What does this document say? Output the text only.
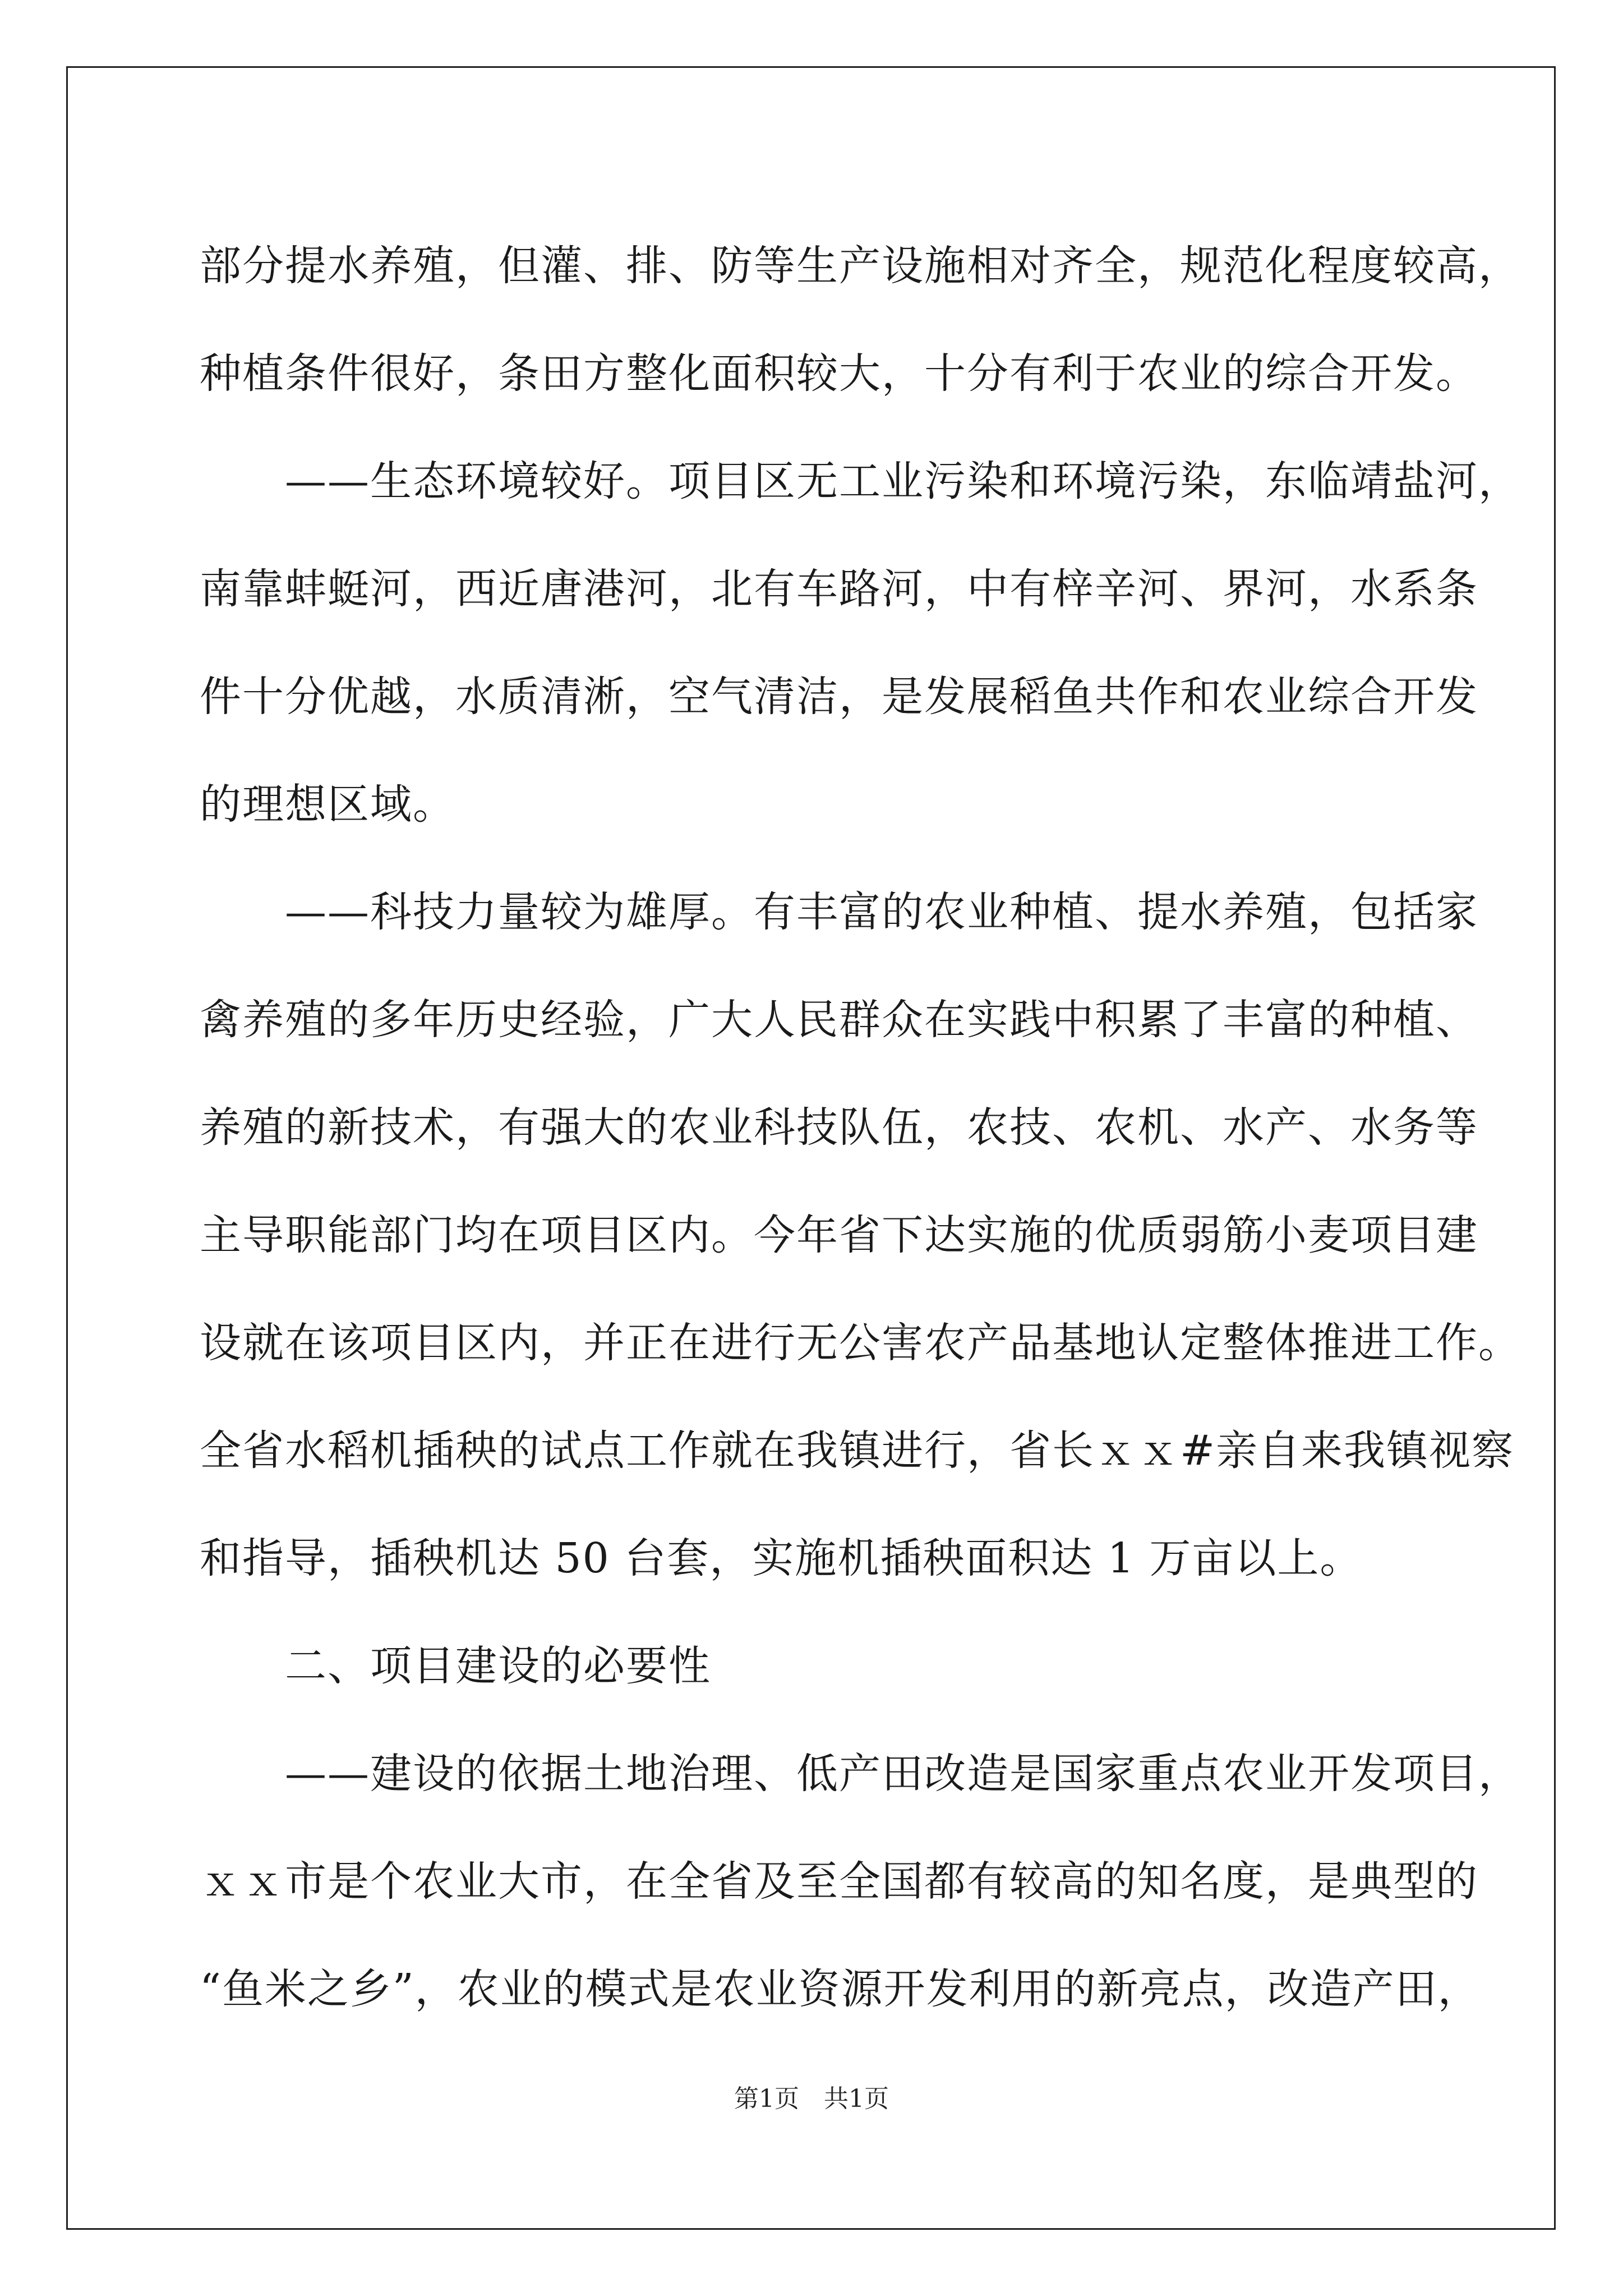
部分提水养殖，但灌、排、防等生产设施相对齐全，规范化程度较高，
种植条件很好，条田方整化面积较大，十分有利于农业的综合开发。
　　——生态环境较好。项目区无工业污染和环境污染，东临靖盐河，
南靠蚌蜓河，西近唐港河，北有车路河，中有梓辛河、界河，水系条
件十分优越，水质清淅，空气清洁，是发展稻鱼共作和农业综合开发
的理想区域。
　　——科技力量较为雄厚。有丰富的农业种植、提水养殖，包括家
禽养殖的多年历史经验，广大人民群众在实践中积累了丰富的种植、
养殖的新技术，有强大的农业科技队伍，农技、农机、水产、水务等
主导职能部门均在项目区内。今年省下达实施的优质弱筋小麦项目建
设就在该项目区内，并正在进行无公害农产品基地认定整体推进工作。
全省水稻机插秧的试点工作就在我镇进行，省长ｘｘ#亲自来我镇视察
和指导，插秧机达 50 台套，实施机插秧面积达 1 万亩以上。
　　二、项目建设的必要性
　　——建设的依据土地治理、低产田改造是国家重点农业开发项目，
ｘｘ市是个农业大市，在全省及至全国都有较高的知名度，是典型的
“鱼米之乡”，农业的模式是农业资源开发利用的新亮点，改造产田，
第1页　共1页
